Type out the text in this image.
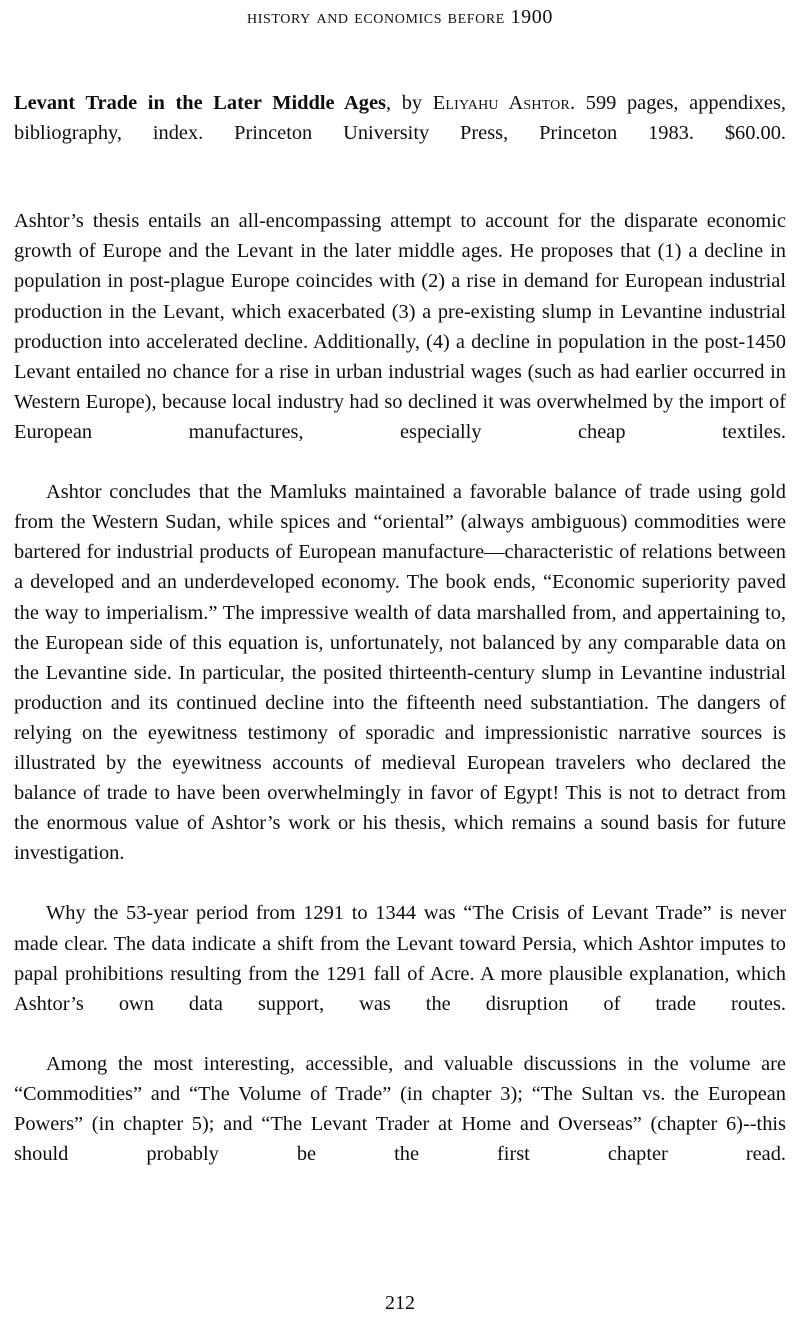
history and economics before 1900

Levant Trade in the Later Middle Ages, by Eliyahu Ashtor. 599 pages, appendixes, bibliography, index. Princeton University Press, Princeton 1983. $60.00.

Ashtor’s thesis entails an all-encompassing attempt to account for the disparate economic growth of Europe and the Levant in the later middle ages. He proposes that (1) a decline in population in post-plague Europe coincides with (2) a rise in demand for European industrial production in the Levant, which exacerbated (3) a pre-existing slump in Levantine industrial production into accelerated decline. Additionally, (4) a decline in population in the post-1450 Levant entailed no chance for a rise in urban industrial wages (such as had earlier occurred in Western Europe), because local industry had so declined it was overwhelmed by the import of European manufactures, especially cheap textiles.

Ashtor concludes that the Mamluks maintained a favorable balance of trade using gold from the Western Sudan, while spices and “oriental” (always ambiguous) commodities were bartered for industrial products of European manufacture—characteristic of relations between a developed and an underdeveloped economy. The book ends, “Economic superiority paved the way to imperialism.” The impressive wealth of data marshalled from, and appertaining to, the European side of this equation is, unfortunately, not balanced by any comparable data on the Levantine side. In particular, the posited thirteenth-century slump in Levantine industrial production and its continued decline into the fifteenth need substantiation. The dangers of relying on the eyewitness testimony of sporadic and impressionistic narrative sources is illustrated by the eyewitness accounts of medieval European travelers who declared the balance of trade to have been overwhelmingly in favor of Egypt! This is not to detract from the enormous value of Ashtor’s work or his thesis, which remains a sound basis for future investigation.

Why the 53-year period from 1291 to 1344 was “The Crisis of Levant Trade” is never made clear. The data indicate a shift from the Levant toward Persia, which Ashtor imputes to papal prohibitions resulting from the 1291 fall of Acre. A more plausible explanation, which Ashtor’s own data support, was the disruption of trade routes.

Among the most interesting, accessible, and valuable discussions in the volume are “Commodities” and “The Volume of Trade” (in chapter 3); “The Sultan vs. the European Powers” (in chapter 5); and “The Levant Trader at Home and Overseas” (chapter 6)--this should probably be the first chapter read.

212
